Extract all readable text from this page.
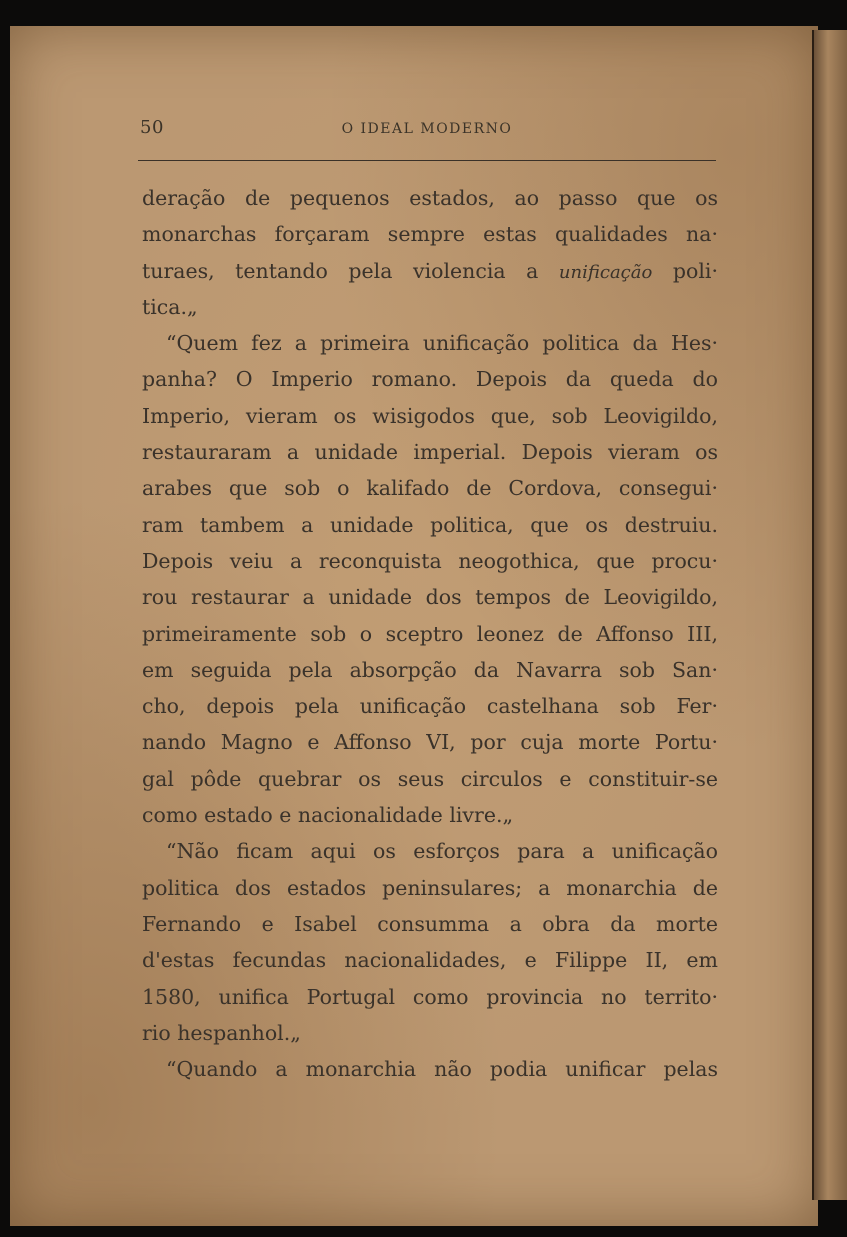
50	O IDEAL MODERNO
deração de pequenos estados, ao passo que os
monarchas forçaram sempre estas qualidades na·
turaes, tentando pela violencia a unificação poli·
tica.„
“Quem fez a primeira unificação politica da Hes·
panha? O Imperio romano. Depois da queda do
Imperio, vieram os wisigodos que, sob Leovigildo,
restauraram a unidade imperial. Depois vieram os
arabes que sob o kalifado de Cordova, consegui·
ram tambem a unidade politica, que os destruiu.
Depois veiu a reconquista neogothica, que procu·
rou restaurar a unidade dos tempos de Leovigildo,
primeiramente sob o sceptro leonez de Affonso III,
em seguida pela absorpção da Navarra sob San·
cho, depois pela unificação castelhana sob Fer·
nando Magno e Affonso VI, por cuja morte Portu·
gal pôde quebrar os seus circulos e constituir-se
como estado e nacionalidade livre.„
“Não ficam aqui os esforços para a unificação
politica dos estados peninsulares; a monarchia de
Fernando e Isabel consumma a obra da morte
d'estas fecundas nacionalidades, e Filippe II, em
1580, unifica Portugal como provincia no territo·
rio hespanhol.„
“Quando a monarchia não podia unificar pelas
